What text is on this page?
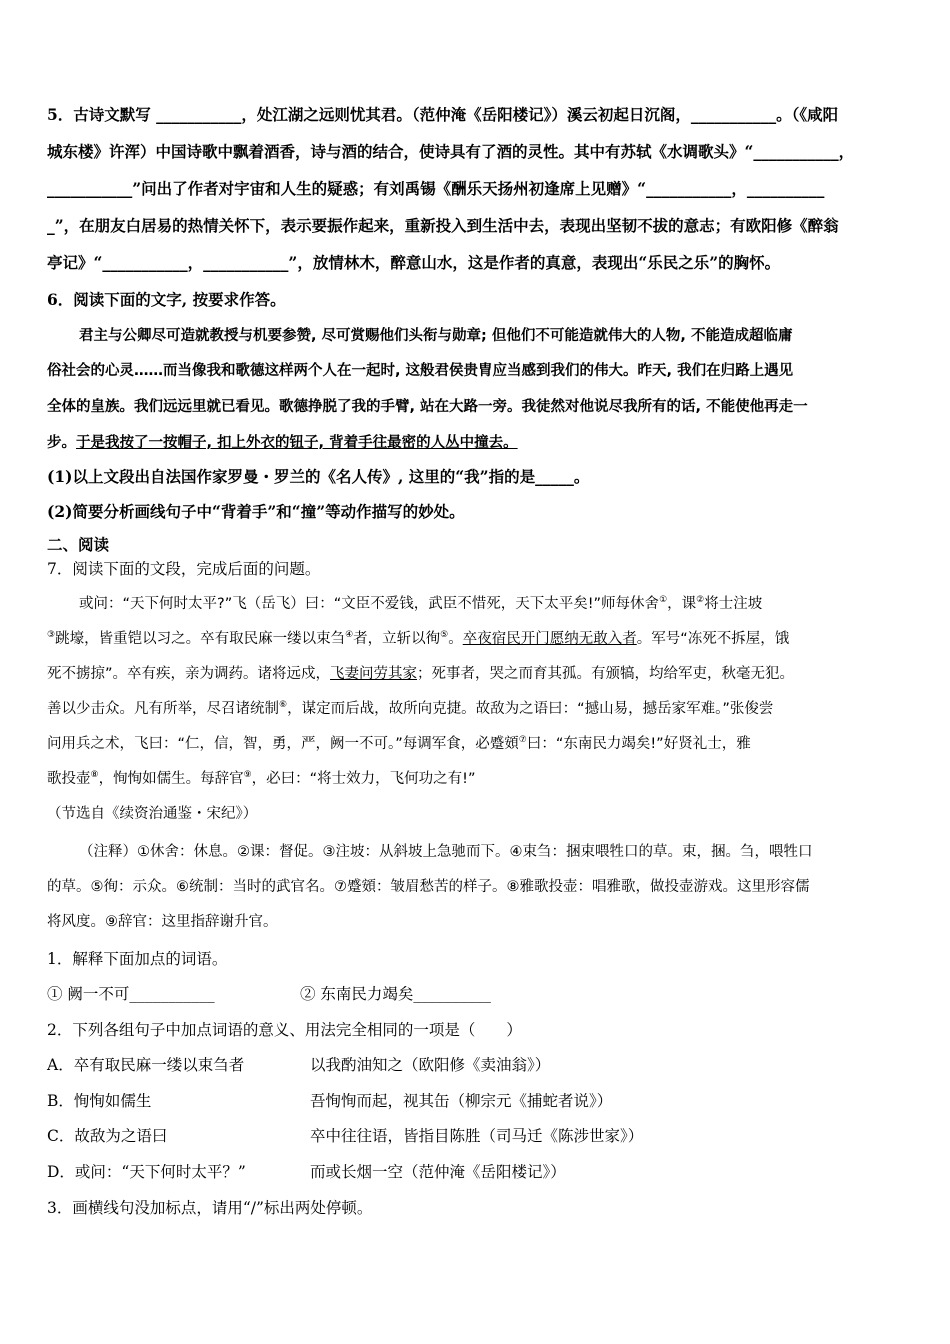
5．古诗文默写 ___________，处江湖之远则忧其君。（范仲淹《岳阳楼记》）溪云初起日沉阁，___________。（《咸阳
城东楼》许浑）中国诗歌中飘着酒香，诗与酒的结合，使诗具有了酒的灵性。其中有苏轼《水调歌头》“___________，
___________”问出了作者对宇宙和人生的疑惑；有刘禹锡《酬乐天扬州初逢席上见赠》“___________，__________
_”，在朋友白居易的热情关怀下，表示要振作起来，重新投入到生活中去，表现出坚韧不拔的意志；有欧阳修《醉翁
亭记》“___________，___________”，放情林木，醉意山水，这是作者的真意，表现出“乐民之乐”的胸怀。
6．阅读下面的文字, 按要求作答。
君主与公卿尽可造就教授与机要参赞, 尽可赏赐他们头衔与勋章; 但他们不可能造就伟大的人物, 不能造成超临庸
俗社会的心灵……而当像我和歌德这样两个人在一起时, 这般君侯贵胄应当感到我们的伟大。昨天, 我们在归路上遇见
全体的皇族。我们远远里就已看见。歌德挣脱了我的手臂, 站在大路一旁。我徒然对他说尽我所有的话, 不能使他再走一
步。于是我按了一按帽子, 扣上外衣的钮子, 背着手往最密的人丛中撞去。
(1)以上文段出自法国作家罗曼・罗兰的《名人传》, 这里的“我”指的是_____。
(2)简要分析画线句子中“背着手”和“撞”等动作描写的妙处。
二、阅读
7．阅读下面的文段，完成后面的问题。
或问：“天下何时太平?”飞（岳飞）曰：“文臣不爱钱，武臣不惜死，天下太平矣!”师每休舍①，课②将士注坡
③跳壕，皆重铠以习之。卒有取民麻一缕以束刍④者，立斩以徇⑤。卒夜宿民开门愿纳无敢入者。军号“冻死不拆屋，饿
死不掳掠”。卒有疾，亲为调药。诸将远戍，飞妻问劳其家；死事者，哭之而育其孤。有颁犒，均给军吏，秋毫无犯。
善以少击众。凡有所举，尽召诸统制⑥，谋定而后战，故所向克捷。故敌为之语曰：“撼山易，撼岳家军难。”张俊尝
问用兵之术，飞曰：“仁，信，智，勇，严，阙一不可。”每调军食，必蹙頞⑦曰：“东南民力竭矣!”好贤礼士，雅
歌投壶⑧，恂恂如儒生。每辞官⑨，必曰：“将士效力，飞何功之有!”
（节选自《续资治通鉴・宋纪》）
（注释）①休舍：休息。②课：督促。③注坡：从斜坡上急驰而下。④束刍：捆束喂牲口的草。束，捆。刍，喂牲口
的草。⑤徇：示众。⑥统制：当时的武官名。⑦蹙頞：皱眉愁苦的样子。⑧雅歌投壶：唱雅歌，做投壶游戏。这里形容儒
将风度。⑨辞官：这里指辞谢升官。
1．解释下面加点的词语。
① 阙一不可___________	② 东南民力竭矣__________
2．下列各组句子中加点词语的意义、用法完全相同的一项是（　　）
A．卒有取民麻一缕以束刍者	以我酌油知之（欧阳修《卖油翁》）
B．恂恂如儒生	吾恂恂而起，视其缶（柳宗元《捕蛇者说》）
C．故敌为之语曰	卒中往往语，皆指目陈胜（司马迁《陈涉世家》）
D．或问：“天下何时太平？”	而或长烟一空（范仲淹《岳阳楼记》）
3．画横线句没加标点，请用“/”标出两处停顿。
